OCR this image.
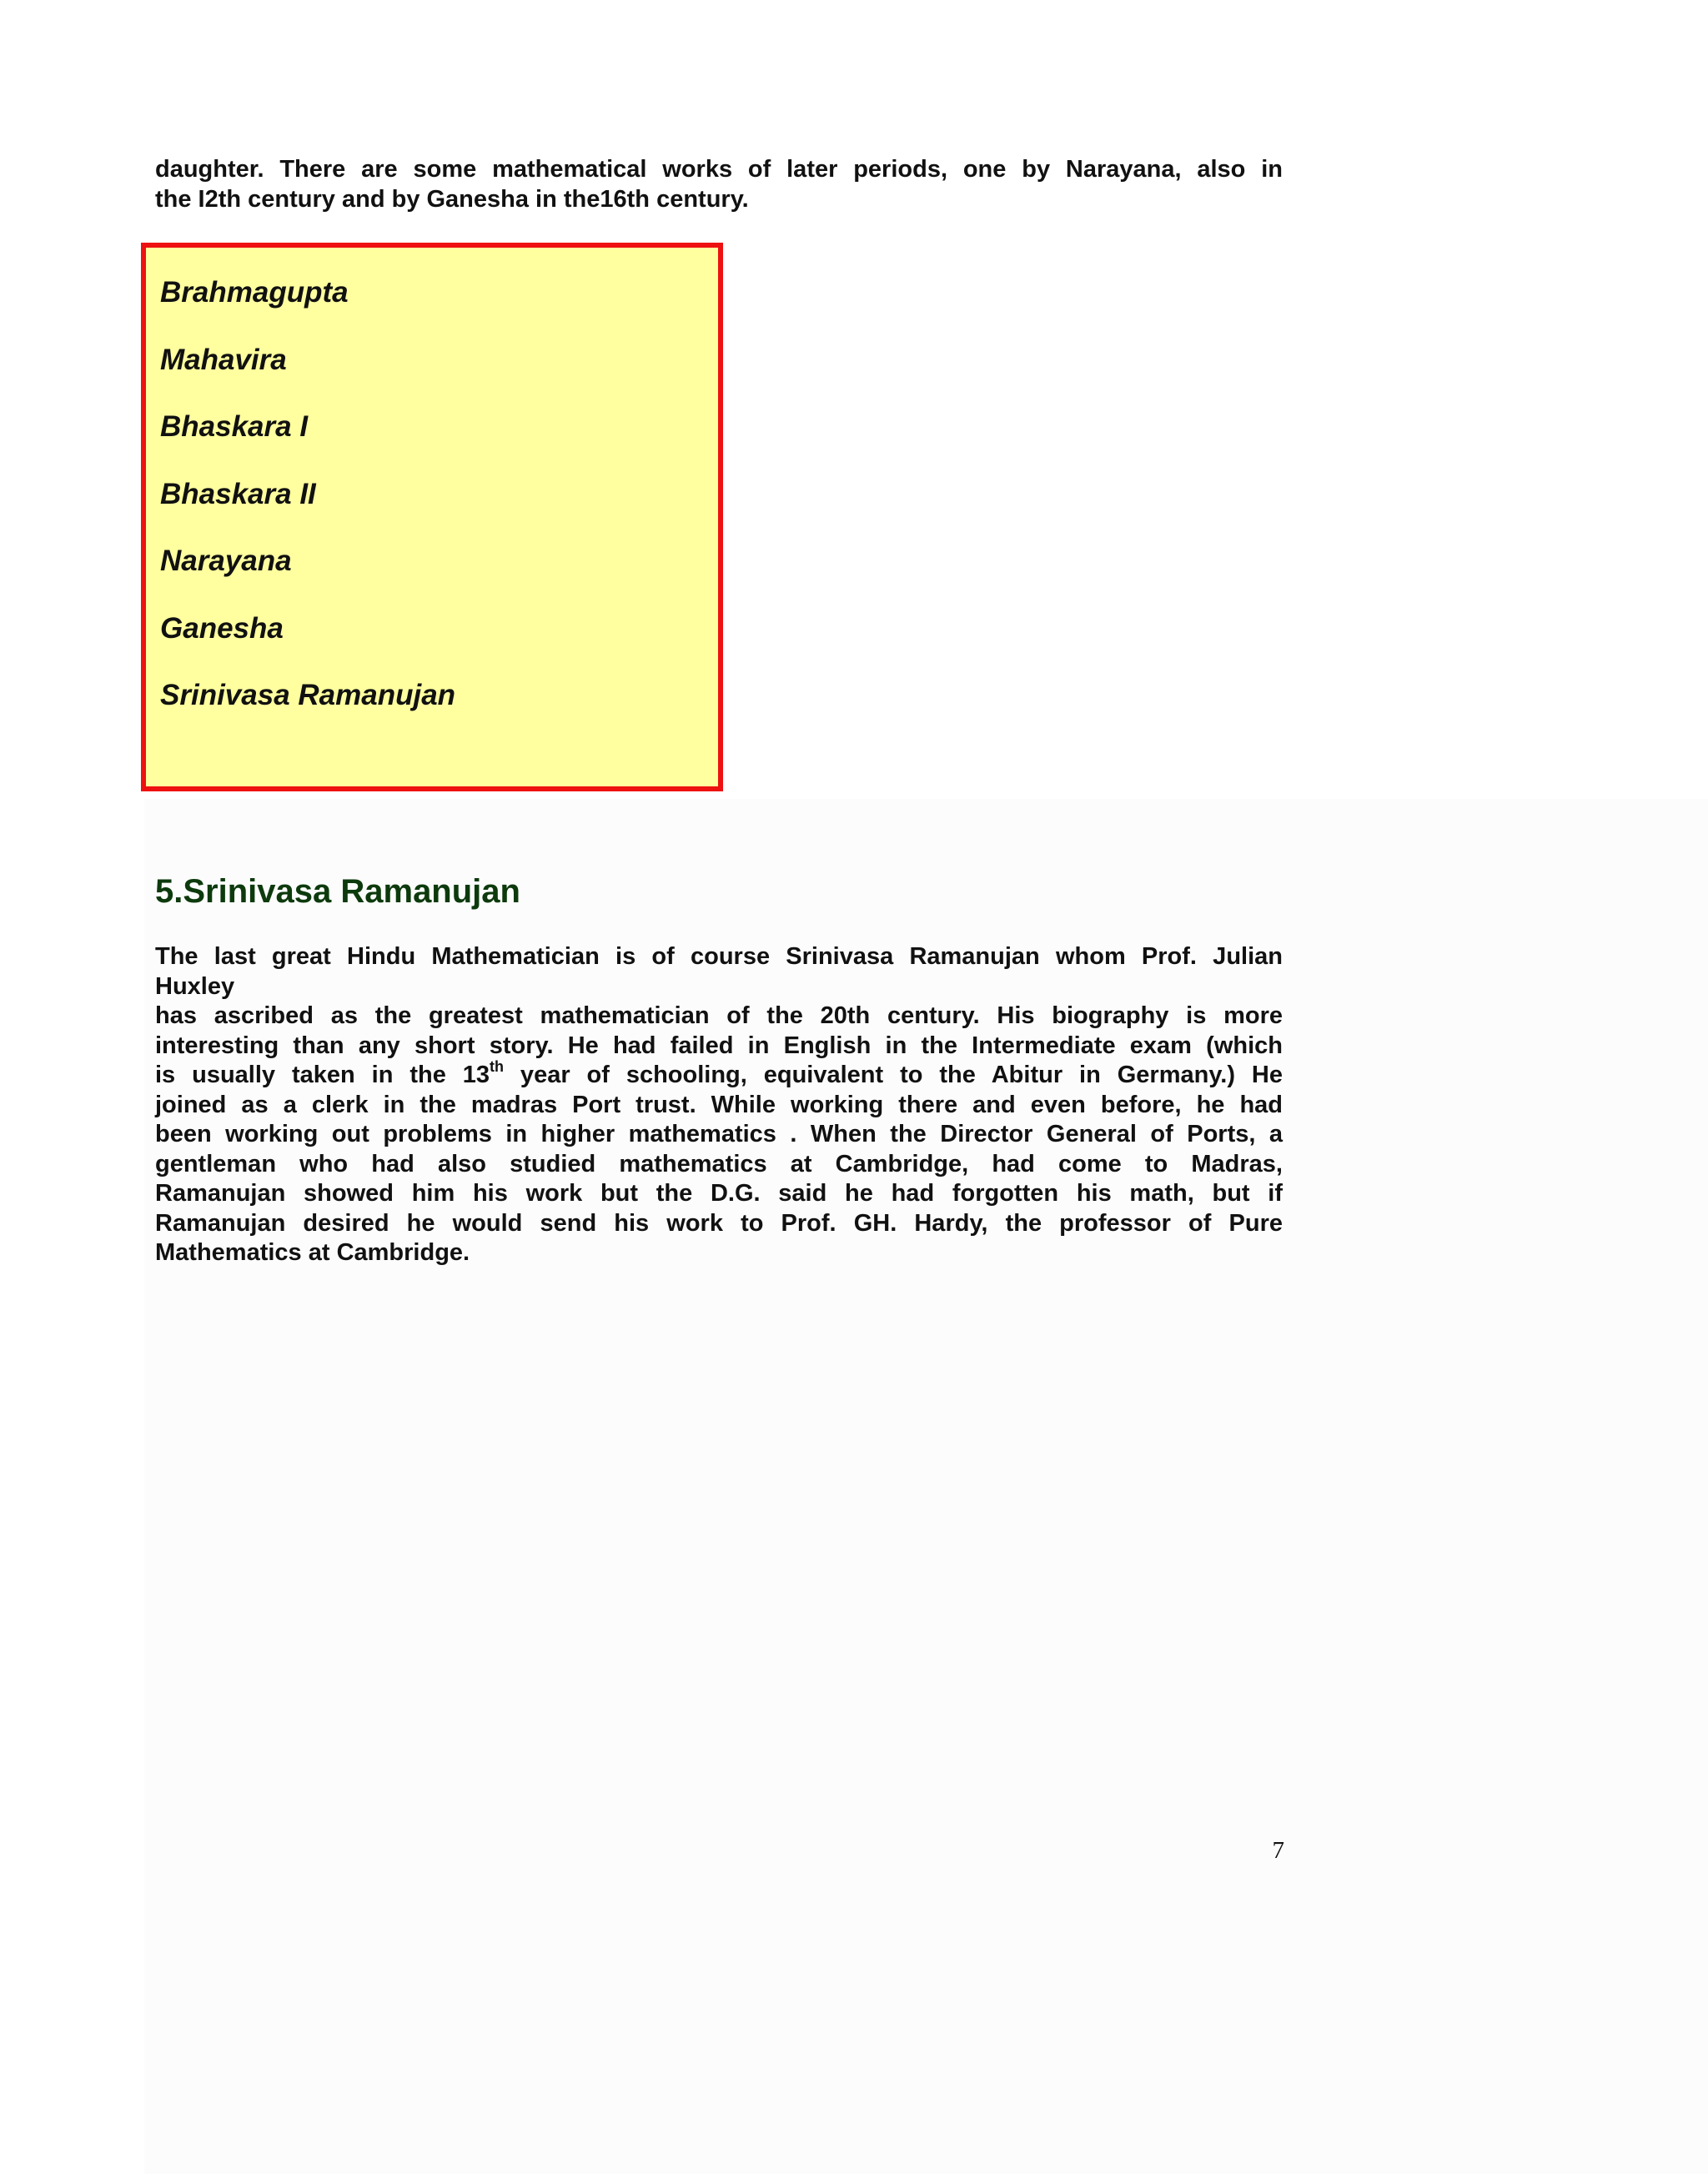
daughter. There are some mathematical works of later periods, one by Narayana, also in
the I2th century and by Ganesha in the16th century.

Brahmagupta
Mahavira
Bhaskara I
Bhaskara II
Narayana
Ganesha
Srinivasa Ramanujan
5.Srinivasa Ramanujan

The last great Hindu Mathematician is of course Srinivasa Ramanujan whom Prof. Julian
Huxley
has ascribed as the greatest mathematician of the 20th century. His biography is more
interesting than any short story. He had failed in English in the Intermediate exam (which
is usually taken in the 13th year of schooling, equivalent to the Abitur in Germany.) He
joined as a clerk in the madras Port trust. While working there and even before, he had
been working out problems in higher mathematics . When the Director General of Ports, a
gentleman who had also studied mathematics at Cambridge, had come to Madras,
Ramanujan showed him his work but the D.G. said he had forgotten his math, but if
Ramanujan desired he would send his work to Prof. GH. Hardy, the professor of Pure
Mathematics at Cambridge.

7
